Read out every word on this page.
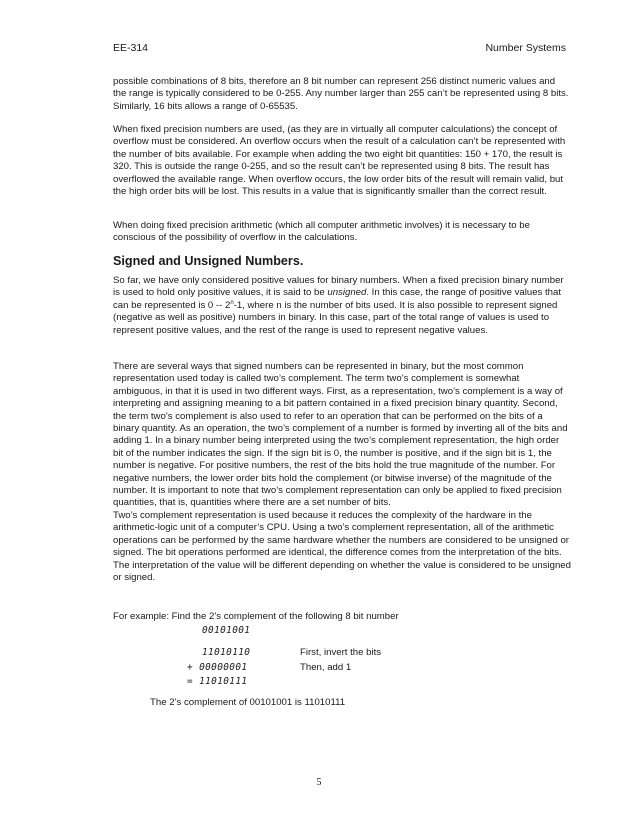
EE-314	Number Systems

possible combinations of 8 bits, therefore an 8 bit number can represent 256 distinct numeric values and the range is typically considered to be 0-255. Any number larger than 255 can’t be represented using 8 bits. Similarly, 16 bits allows a range of 0-65535.

When fixed precision numbers are used, (as they are in virtually all computer calculations) the concept of overflow must be considered. An overflow occurs when the result of a calculation can’t be represented with the number of bits available. For example when adding the two eight bit quantities: 150 + 170, the result is 320. This is outside the range 0-255, and so the result can’t be represented using 8 bits. The result has overflowed the available range. When overflow occurs, the low order bits of the result will remain valid, but the high order bits will be lost. This results in a value that is significantly smaller than the correct result.

When doing fixed precision arithmetic (which all computer arithmetic involves) it is necessary to be conscious of the possibility of overflow in the calculations.

Signed and Unsigned Numbers.

So far, we have only considered positive values for binary numbers. When a fixed precision binary number is used to hold only positive values, it is said to be unsigned. In this case, the range of positive values that can be represented is 0 -- 2$^n$-1, where n is the number of bits used. It is also possible to represent signed (negative as well as positive) numbers in binary. In this case, part of the total range of values is used to represent positive values, and the rest of the range is used to represent negative values.

There are several ways that signed numbers can be represented in binary, but the most common representation used today is called two’s complement. The term two’s complement is somewhat ambiguous, in that it is used in two different ways. First, as a representation, two’s complement is a way of interpreting and assigning meaning to a bit pattern contained in a fixed precision binary quantity. Second, the term two’s complement is also used to refer to an operation that can be performed on the bits of a binary quantity. As an operation, the two’s complement of a number is formed by inverting all of the bits and adding 1. In a binary number being interpreted using the two’s complement representation, the high order bit of the number indicates the sign. If the sign bit is 0, the number is positive, and if the sign bit is 1, the number is negative. For positive numbers, the rest of the bits hold the true magnitude of the number. For negative numbers, the lower order bits hold the complement (or bitwise inverse) of the magnitude of the number. It is important to note that two’s complement representation can only be applied to fixed precision quantities, that is, quantities where there are a set number of bits.

Two’s complement representation is used because it reduces the complexity of the hardware in the arithmetic-logic unit of a computer’s CPU. Using a two’s complement representation, all of the arithmetic operations can be performed by the same hardware whether the numbers are considered to be unsigned or signed. The bit operations performed are identical, the difference comes from the interpretation of the bits. The interpretation of the value will be different depending on whether the value is considered to be unsigned or signed.

For example: Find the 2’s complement of the following 8 bit number
00101001
11010110	First, invert the bits
+ 00000001	Then, add 1
= 11010111
The 2’s complement of 00101001 is 11010111
5
